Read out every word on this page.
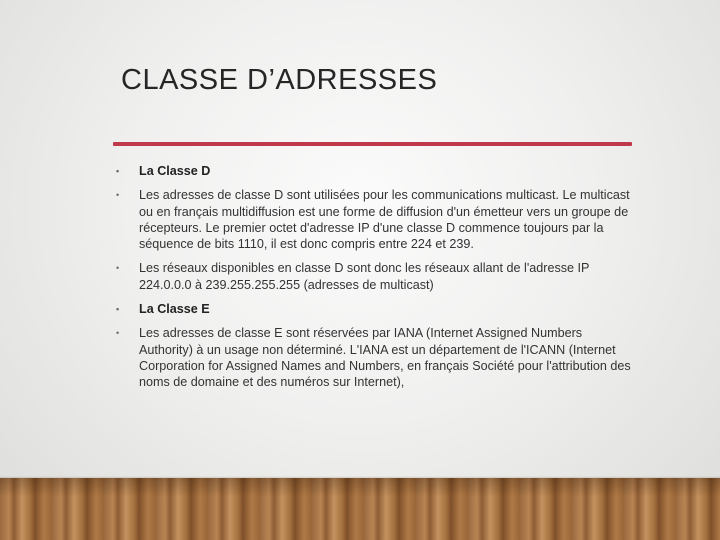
CLASSE D’ADRESSES
• La Classe D
• Les adresses de classe D sont utilisées pour les communications multicast. Le multicast ou en français multidiffusion est une forme de diffusion d'un émetteur vers un groupe de récepteurs. Le premier octet d'adresse IP d'une classe D commence toujours par la séquence de bits 1110, il est donc compris entre 224 et 239.
• Les réseaux disponibles en classe D sont donc les réseaux allant de l'adresse IP 224.0.0.0 à 239.255.255.255 (adresses de multicast)
• La Classe E
• Les adresses de classe E sont réservées par IANA (Internet Assigned Numbers Authority) à un usage non déterminé. L'IANA est un département de l'ICANN (Internet Corporation for Assigned Names and Numbers, en français Société pour l'attribution des noms de domaine et des numéros sur Internet),
